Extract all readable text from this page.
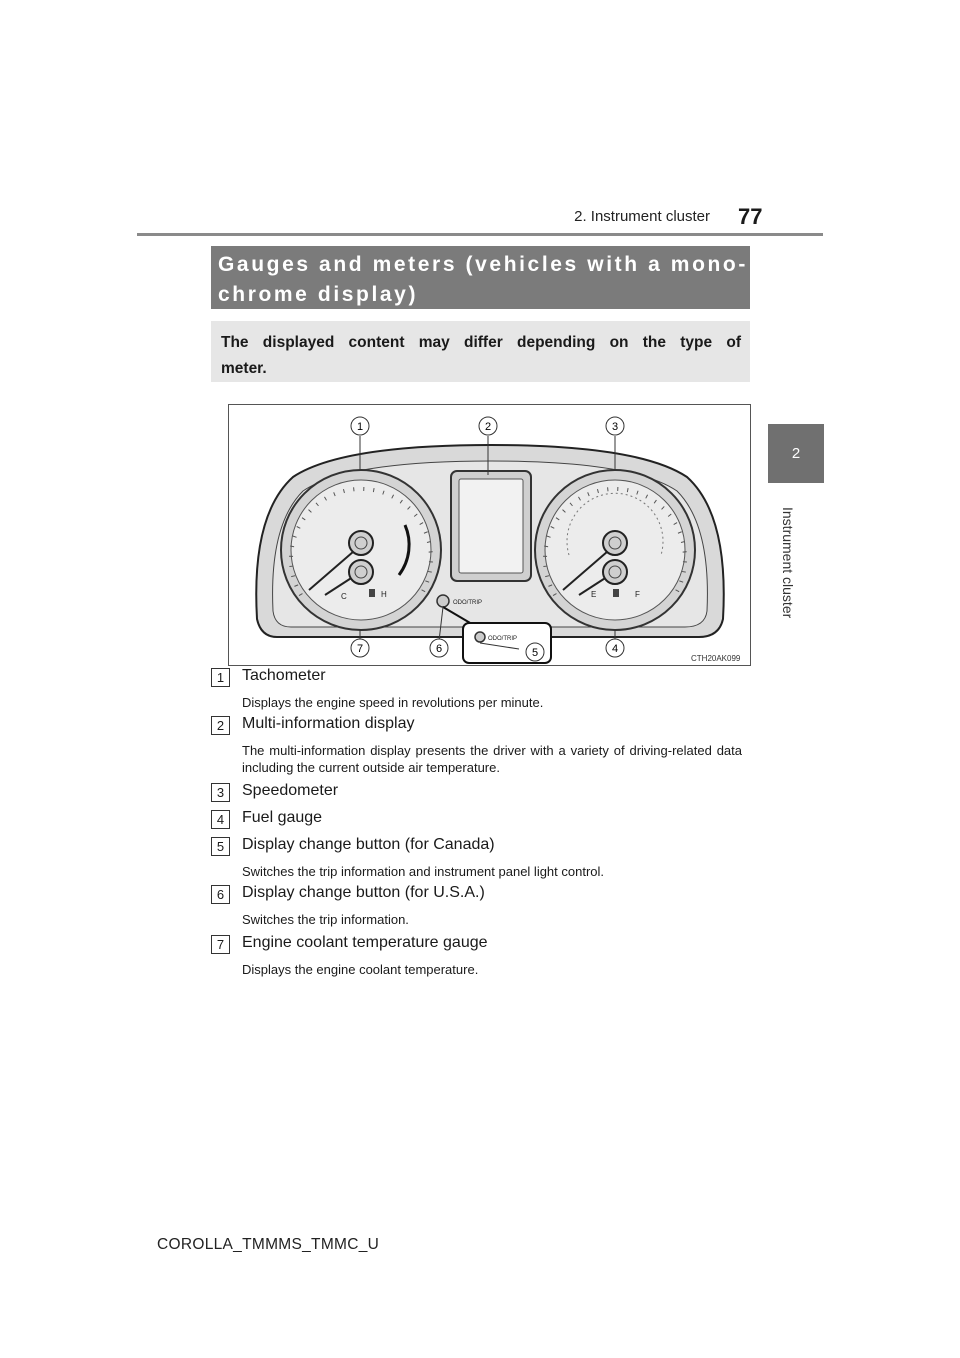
2. Instrument cluster 77
2
Instrument cluster
Gauges and meters (vehicles with a mono-chrome display)
The displayed content may differ depending on the type of meter.
C	H
ODO/TRIP
E	F
ODO/TRIP
1	2	3
4
5
6
7
CTH20AK099
1	Tachometer
Displays the engine speed in revolutions per minute.
2	Multi-information display
The multi-information display presents the driver with a variety of driving-related data including the current outside air temperature.
3	Speedometer
4	Fuel gauge
5	Display change button (for Canada)
Switches the trip information and instrument panel light control.
6	Display change button (for U.S.A.)
Switches the trip information.
7	Engine coolant temperature gauge
Displays the engine coolant temperature.
COROLLA_TMMMS_TMMC_U
